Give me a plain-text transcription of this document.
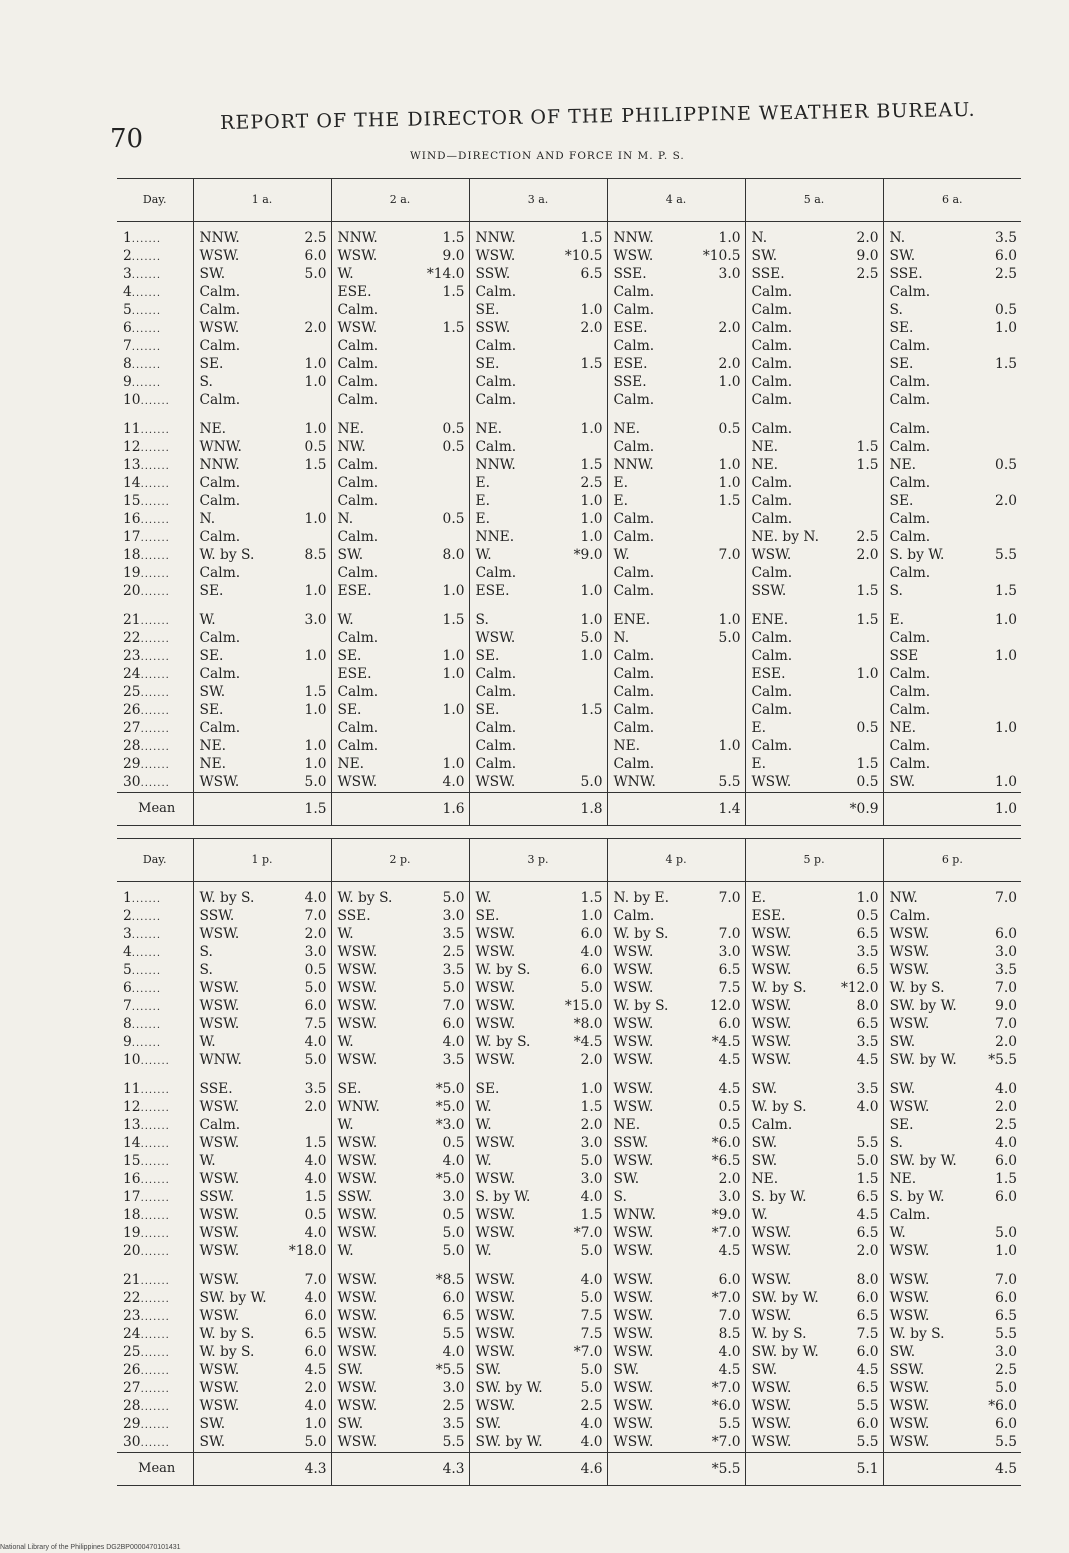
70
REPORT OF THE DIRECTOR OF THE PHILIPPINE WEATHER BUREAU.
WIND—DIRECTION AND FORCE IN M. P. S.
Day.	1 a.		2 a.		3 a.		4 a.		5 a.		6 a.	
1.......	NNW.	2.5	NNW.	1.5	NNW.	1.5	NNW.	1.0	N.	2.0	N.	3.5
2.......	WSW.	6.0	WSW.	9.0	WSW.	*10.5	WSW.	*10.5	SW.	9.0	SW.	6.0
3.......	SW.	5.0	W.	*14.0	SSW.	6.5	SSE.	3.0	SSE.	2.5	SSE.	2.5
4.......	Calm.		ESE.	1.5	Calm.		Calm.		Calm.		Calm.	
5.......	Calm.		Calm.		SE.	1.0	Calm.		Calm.		S.	0.5
6.......	WSW.	2.0	WSW.	1.5	SSW.	2.0	ESE.	2.0	Calm.		SE.	1.0
7.......	Calm.		Calm.		Calm.		Calm.		Calm.		Calm.	
8.......	SE.	1.0	Calm.		SE.	1.5	ESE.	2.0	Calm.		SE.	1.5
9.......	S.	1.0	Calm.		Calm.		SSE.	1.0	Calm.		Calm.	
10.......	Calm.		Calm.		Calm.		Calm.		Calm.		Calm.	
11.......	NE.	1.0	NE.	0.5	NE.	1.0	NE.	0.5	Calm.		Calm.	
12.......	WNW.	0.5	NW.	0.5	Calm.		Calm.		NE.	1.5	Calm.	
13.......	NNW.	1.5	Calm.		NNW.	1.5	NNW.	1.0	NE.	1.5	NE.	0.5
14.......	Calm.		Calm.		E.	2.5	E.	1.0	Calm.		Calm.	
15.......	Calm.		Calm.		E.	1.0	E.	1.5	Calm.		SE.	2.0
16.......	N.	1.0	N.	0.5	E.	1.0	Calm.		Calm.		Calm.	
17.......	Calm.		Calm.		NNE.	1.0	Calm.		NE. by N.	2.5	Calm.	
18.......	W. by S.	8.5	SW.	8.0	W.	*9.0	W.	7.0	WSW.	2.0	S. by W.	5.5
19.......	Calm.		Calm.		Calm.		Calm.		Calm.		Calm.	
20.......	SE.	1.0	ESE.	1.0	ESE.	1.0	Calm.		SSW.	1.5	S.	1.5
21.......	W.	3.0	W.	1.5	S.	1.0	ENE.	1.0	ENE.	1.5	E.	1.0
22.......	Calm.		Calm.		WSW.	5.0	N.	5.0	Calm.		Calm.	
23.......	SE.	1.0	SE.	1.0	SE.	1.0	Calm.		Calm.		SSE	1.0
24.......	Calm.		ESE.	1.0	Calm.		Calm.		ESE.	1.0	Calm.	
25.......	SW.	1.5	Calm.		Calm.		Calm.		Calm.		Calm.	
26.......	SE.	1.0	SE.	1.0	SE.	1.5	Calm.		Calm.		Calm.	
27.......	Calm.		Calm.		Calm.		Calm.		E.	0.5	NE.	1.0
28.......	NE.	1.0	Calm.		Calm.		NE.	1.0	Calm.		Calm.	
29.......	NE.	1.0	NE.	1.0	Calm.		Calm.		E.	1.5	Calm.	
30.......	WSW.	5.0	WSW.	4.0	WSW.	5.0	WNW.	5.5	WSW.	0.5	SW.	1.0
Mean		1.5		1.6		1.8		1.4		*0.9		1.0
Day.	1 p.		2 p.		3 p.		4 p.		5 p.		6 p.	
1.......	W. by S.	4.0	W. by S.	5.0	W.	1.5	N. by E.	7.0	E.	1.0	NW.	7.0
2.......	SSW.	7.0	SSE.	3.0	SE.	1.0	Calm.		ESE.	0.5	Calm.	
3.......	WSW.	2.0	W.	3.5	WSW.	6.0	W. by S.	7.0	WSW.	6.5	WSW.	6.0
4.......	S.	3.0	WSW.	2.5	WSW.	4.0	WSW.	3.0	WSW.	3.5	WSW.	3.0
5.......	S.	0.5	WSW.	3.5	W. by S.	6.0	WSW.	6.5	WSW.	6.5	WSW.	3.5
6.......	WSW.	5.0	WSW.	5.0	WSW.	5.0	WSW.	7.5	W. by S.	*12.0	W. by S.	7.0
7.......	WSW.	6.0	WSW.	7.0	WSW.	*15.0	W. by S.	12.0	WSW.	8.0	SW. by W.	9.0
8.......	WSW.	7.5	WSW.	6.0	WSW.	*8.0	WSW.	6.0	WSW.	6.5	WSW.	7.0
9.......	W.	4.0	W.	4.0	W. by S.	*4.5	WSW.	*4.5	WSW.	3.5	SW.	2.0
10.......	WNW.	5.0	WSW.	3.5	WSW.	2.0	WSW.	4.5	WSW.	4.5	SW. by W.	*5.5
11.......	SSE.	3.5	SE.	*5.0	SE.	1.0	WSW.	4.5	SW.	3.5	SW.	4.0
12.......	WSW.	2.0	WNW.	*5.0	W.	1.5	WSW.	0.5	W. by S.	4.0	WSW.	2.0
13.......	Calm.		W.	*3.0	W.	2.0	NE.	0.5	Calm.		SE.	2.5
14.......	WSW.	1.5	WSW.	0.5	WSW.	3.0	SSW.	*6.0	SW.	5.5	S.	4.0
15.......	W.	4.0	WSW.	4.0	W.	5.0	WSW.	*6.5	SW.	5.0	SW. by W.	6.0
16.......	WSW.	4.0	WSW.	*5.0	WSW.	3.0	SW.	2.0	NE.	1.5	NE.	1.5
17.......	SSW.	1.5	SSW.	3.0	S. by W.	4.0	S.	3.0	S. by W.	6.5	S. by W.	6.0
18.......	WSW.	0.5	WSW.	0.5	WSW.	1.5	WNW.	*9.0	W.	4.5	Calm.	
19.......	WSW.	4.0	WSW.	5.0	WSW.	*7.0	WSW.	*7.0	WSW.	6.5	W.	5.0
20.......	WSW.	*18.0	W.	5.0	W.	5.0	WSW.	4.5	WSW.	2.0	WSW.	1.0
21.......	WSW.	7.0	WSW.	*8.5	WSW.	4.0	WSW.	6.0	WSW.	8.0	WSW.	7.0
22.......	SW. by W.	4.0	WSW.	6.0	WSW.	5.0	WSW.	*7.0	SW. by W.	6.0	WSW.	6.0
23.......	WSW.	6.0	WSW.	6.5	WSW.	7.5	WSW.	7.0	WSW.	6.5	WSW.	6.5
24.......	W. by S.	6.5	WSW.	5.5	WSW.	7.5	WSW.	8.5	W. by S.	7.5	W. by S.	5.5
25.......	W. by S.	6.0	WSW.	4.0	WSW.	*7.0	WSW.	4.0	SW. by W.	6.0	SW.	3.0
26.......	WSW.	4.5	SW.	*5.5	SW.	5.0	SW.	4.5	SW.	4.5	SSW.	2.5
27.......	WSW.	2.0	WSW.	3.0	SW. by W.	5.0	WSW.	*7.0	WSW.	6.5	WSW.	5.0
28.......	WSW.	4.0	WSW.	2.5	WSW.	2.5	WSW.	*6.0	WSW.	5.5	WSW.	*6.0
29.......	SW.	1.0	SW.	3.5	SW.	4.0	WSW.	5.5	WSW.	6.0	WSW.	6.0
30.......	SW.	5.0	WSW.	5.5	SW. by W.	4.0	WSW.	*7.0	WSW.	5.5	WSW.	5.5
Mean		4.3		4.3		4.6		*5.5		5.1		4.5
National Library of the Philippines DG2BP0000470101431
